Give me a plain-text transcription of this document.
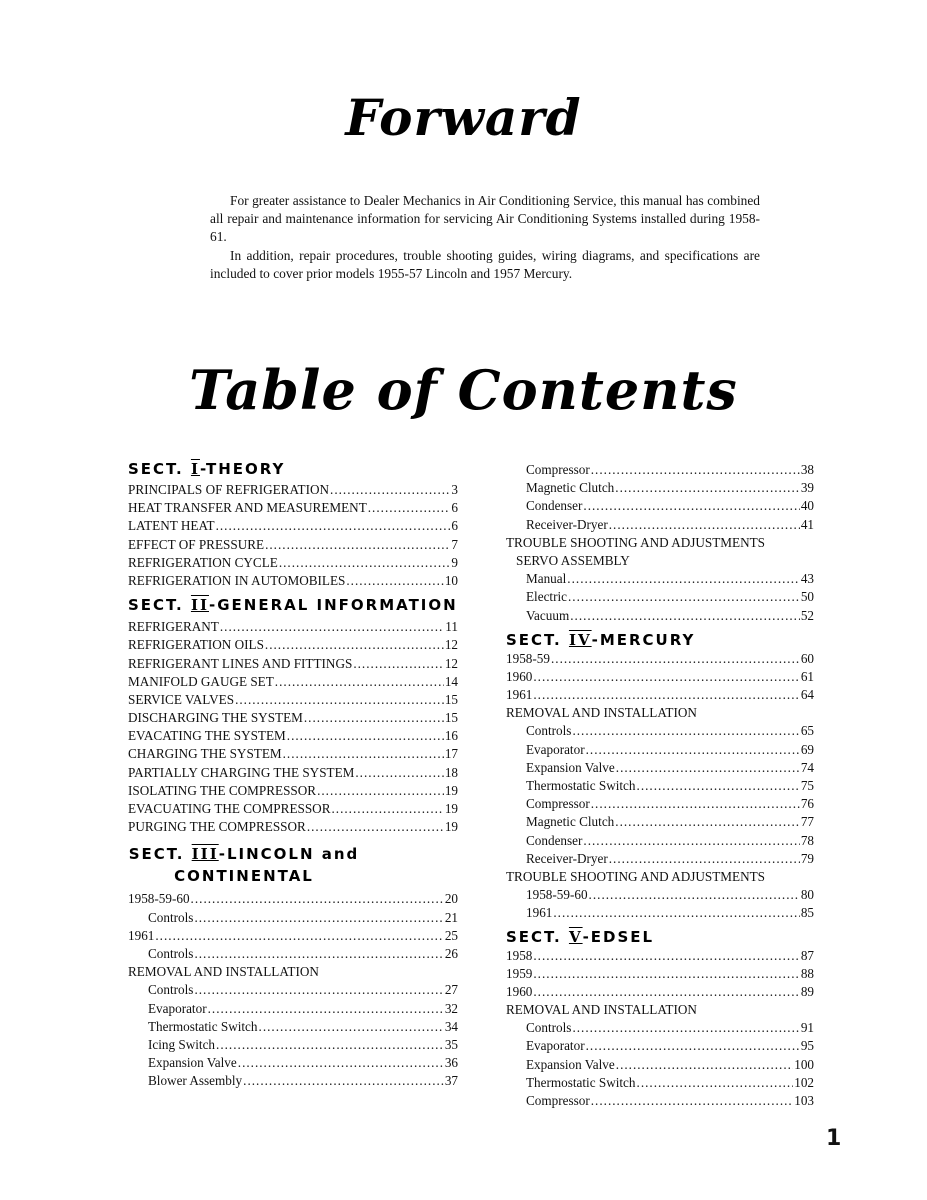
Forward

For greater assistance to Dealer Mechanics in Air Conditioning Service, this manual has combined all repair and maintenance information for servicing Air Conditioning Systems installed during 1958-61.

In addition, repair procedures, trouble shooting guides, wiring diagrams, and specifications are included to cover prior models 1955-57 Lincoln and 1957 Mercury.

Table of Contents
SECT. I-THEORY
PRINCIPALS OF REFRIGERATION .....	3
HEAT TRANSFER AND MEASUREMENT .....	6
LATENT HEAT .....	6
EFFECT OF PRESSURE .....	7
REFRIGERATION CYCLE .....	9
REFRIGERATION IN AUTOMOBILES .....	10
SECT. II-GENERAL INFORMATION
REFRIGERANT .....	11
REFRIGERATION OILS .....	12
REFRIGERANT LINES AND FITTINGS .....	12
MANIFOLD GAUGE SET .....	14
SERVICE VALVES .....	15
DISCHARGING THE SYSTEM .....	15
EVACATING THE SYSTEM .....	16
CHARGING THE SYSTEM .....	17
PARTIALLY CHARGING THE SYSTEM .....	18
ISOLATING THE COMPRESSOR .....	19
EVACUATING THE COMPRESSOR .....	19
PURGING THE COMPRESSOR .....	19
SECT. III-LINCOLN and
CONTINENTAL
1958-59-60 .....	20
Controls .....	21
1961 .....	25
Controls .....	26
REMOVAL AND INSTALLATION
Controls .....	27
Evaporator .....	32
Thermostatic Switch .....	34
Icing Switch .....	35
Expansion Valve .....	36
Blower Assembly .....	37
Compressor .....	38
Magnetic Clutch .....	39
Condenser .....	40
Receiver-Dryer .....	41
TROUBLE SHOOTING AND ADJUSTMENTS
SERVO ASSEMBLY
Manual .....	43
Electric .....	50
Vacuum .....	52
SECT. IV-MERCURY
1958-59 .....	60
1960 .....	61
1961 .....	64
REMOVAL AND INSTALLATION
Controls .....	65
Evaporator .....	69
Expansion Valve .....	74
Thermostatic Switch .....	75
Compressor .....	76
Magnetic Clutch .....	77
Condenser .....	78
Receiver-Dryer .....	79
TROUBLE SHOOTING AND ADJUSTMENTS
1958-59-60 .....	80
1961 .....	85
SECT. V-EDSEL
1958 .....	87
1959 .....	88
1960 .....	89
REMOVAL AND INSTALLATION
Controls .....	91
Evaporator .....	95
Expansion Valve .....	100
Thermostatic Switch .....	102
Compressor .....	103
1
